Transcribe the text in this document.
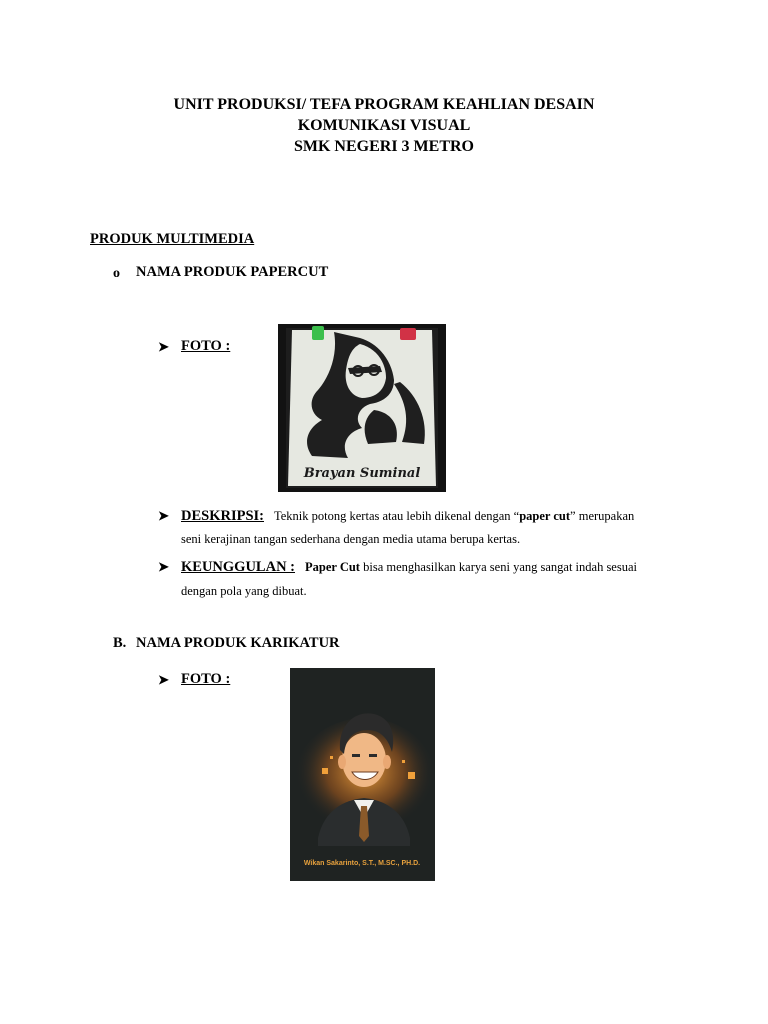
UNIT PRODUKSI/ TEFA PROGRAM KEAHLIAN DESAIN
KOMUNIKASI VISUAL
SMK NEGERI 3 METRO
PRODUK MULTIMEDIA
o NAMA PRODUK PAPERCUT
➤ FOTO :
Brayan Suminal
➤ DESKRIPSI: Teknik potong kertas atau lebih dikenal dengan “paper cut” merupakan
seni kerajinan tangan sederhana dengan media utama berupa kertas.
➤ KEUNGGULAN : Paper Cut bisa menghasilkan karya seni yang sangat indah sesuai
dengan pola yang dibuat.
B. NAMA PRODUK KARIKATUR
➤ FOTO :
Wikan Sakarinto, S.T., M.SC., PH.D.
